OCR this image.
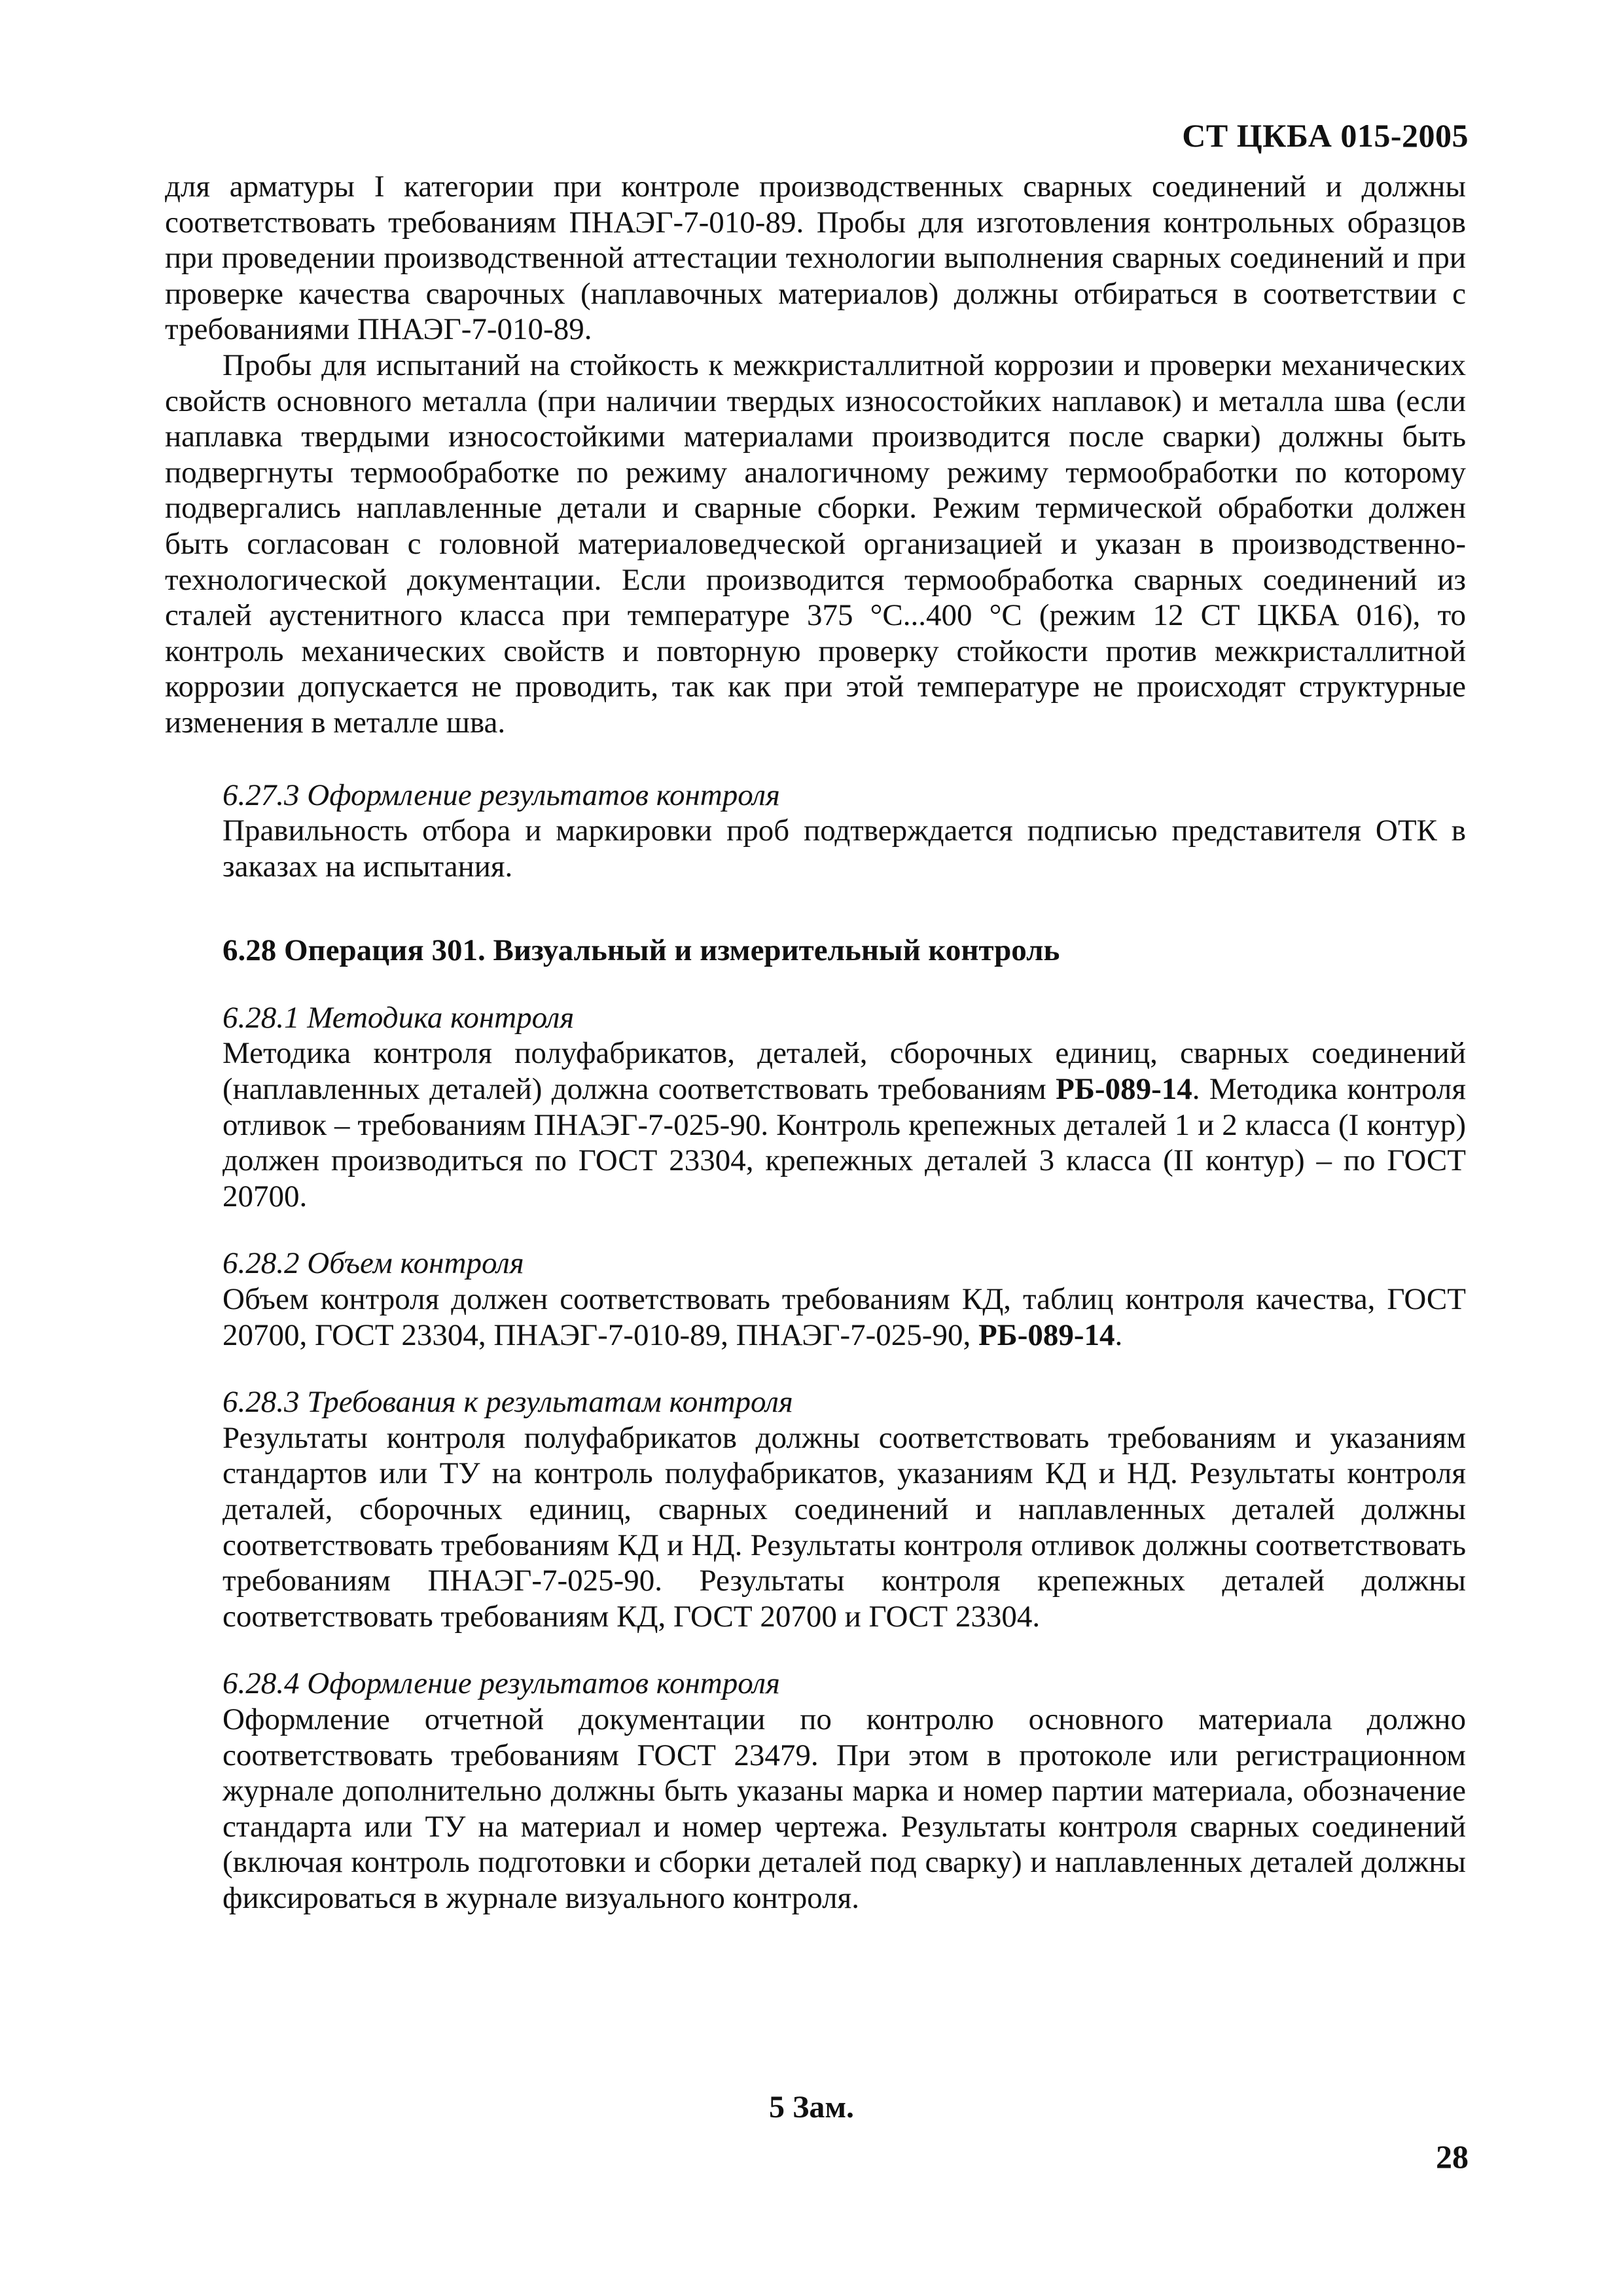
СТ ЦКБА 015-2005

для арматуры I категории при контроле производственных сварных соединений и должны соответствовать требованиям ПНАЭГ-7-010-89. Пробы для изготовления контрольных образцов при проведении производственной аттестации технологии выполнения сварных соединений и при проверке качества сварочных (наплавочных материалов) должны отбираться в соответствии с требованиями ПНАЭГ-7-010-89.

Пробы для испытаний на стойкость к межкристаллитной коррозии и проверки механических свойств основного металла (при наличии твердых износостойких наплавок) и металла шва (если наплавка твердыми износостойкими материалами производится после сварки) должны быть подвергнуты термообработке по режиму аналогичному режиму термообработки по которому подвергались наплавленные детали и сварные сборки. Режим термической обработки должен быть согласован с головной материаловедческой организацией и указан в производственно-технологической документации. Если производится термообработка сварных соединений из сталей аустенитного класса при температуре 375 °С...400 °С (режим 12 СТ ЦКБА 016), то контроль механических свойств и повторную проверку стойкости против межкристаллитной коррозии допускается не проводить, так как при этой температуре не происходят структурные изменения в металле шва.

6.27.3 Оформление результатов контроля

Правильность отбора и маркировки проб подтверждается подписью представителя ОТК в заказах на испытания.

6.28 Операция 301. Визуальный и измерительный контроль

6.28.1 Методика контроля

Методика контроля полуфабрикатов, деталей, сборочных единиц, сварных соединений (наплавленных деталей) должна соответствовать требованиям РБ-089-14. Методика контроля отливок – требованиям ПНАЭГ-7-025-90. Контроль крепежных деталей 1 и 2 класса (I контур) должен производиться по ГОСТ 23304, крепежных деталей 3 класса (II контур) – по ГОСТ 20700.

6.28.2 Объем контроля

Объем контроля должен соответствовать требованиям КД, таблиц контроля качества, ГОСТ 20700, ГОСТ 23304, ПНАЭГ-7-010-89, ПНАЭГ-7-025-90, РБ-089-14.

6.28.3 Требования к результатам контроля

Результаты контроля полуфабрикатов должны соответствовать требованиям и указаниям стандартов или ТУ на контроль полуфабрикатов, указаниям КД и НД. Результаты контроля деталей, сборочных единиц, сварных соединений и наплавленных деталей должны соответствовать требованиям КД и НД. Результаты контроля отливок должны соответствовать требованиям ПНАЭГ-7-025-90. Результаты контроля крепежных деталей должны соответствовать требованиям КД, ГОСТ 20700 и ГОСТ 23304.

6.28.4 Оформление результатов контроля

Оформление отчетной документации по контролю основного материала должно соответствовать требованиям ГОСТ 23479. При этом в протоколе или регистрационном журнале дополнительно должны быть указаны марка и номер партии материала, обозначение стандарта или ТУ на материал и номер чертежа. Результаты контроля сварных соединений (включая контроль подготовки и сборки деталей под сварку) и наплавленных деталей должны фиксироваться в журнале визуального контроля.

5 Зам.
28
